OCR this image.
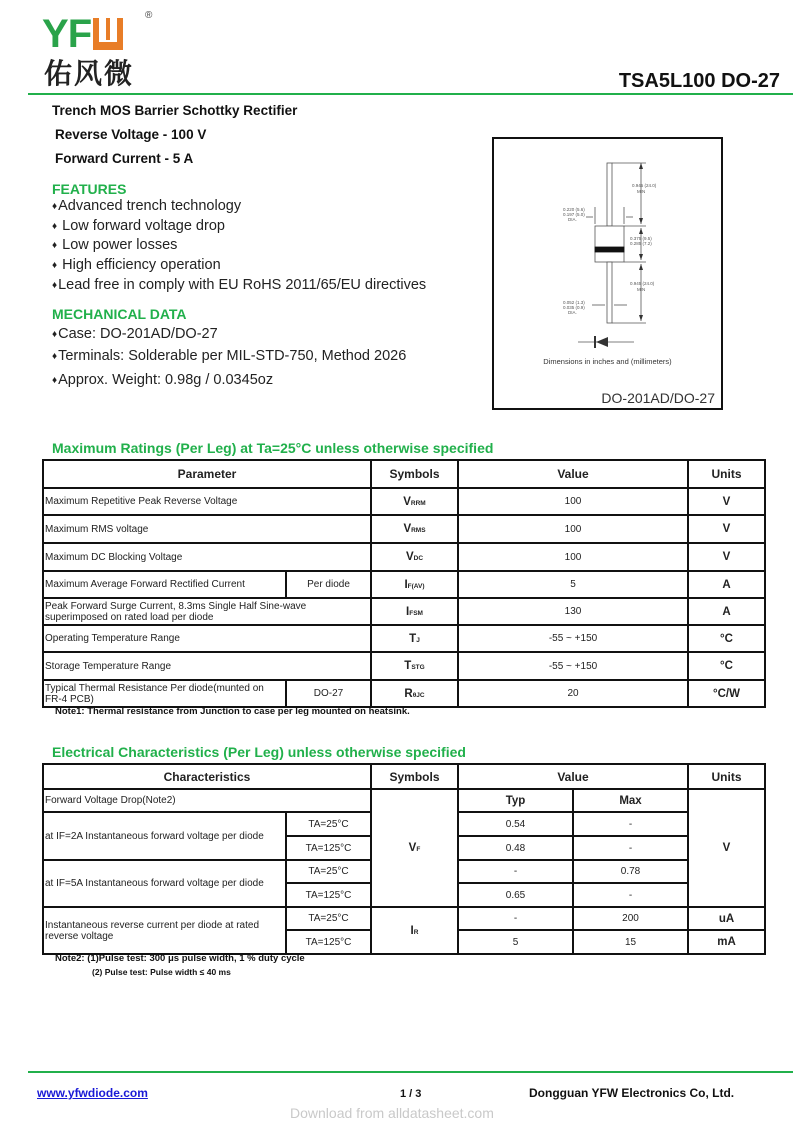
YF	®
佑风微	TSA5L100 DO-27
Trench MOS Barrier Schottky Rectifier
Reverse Voltage - 100 V
Forward Current - 5 A
FEATURES
♦Advanced trench technology
♦ Low forward voltage drop
♦ Low power losses
♦ High efficiency operation
♦Lead free in comply with EU RoHS 2011/65/EU directives
MECHANICAL DATA
♦Case: DO-201AD/DO-27
♦Terminals: Solderable per MIL-STD-750, Method 2026
♦Approx. Weight: 0.98g / 0.0345oz
0.945 (24.0)
MIN
0.220 (5.6)
0.197 (5.0)
DIA.
0.375 (9.5)
0.285 (7.2)
0.945 (24.0)
MIN
0.052 (1.3)
0.035 (0.9)
DIA.
Dimensions in inches and (millimeters)
DO-201AD/DO-27
Maximum Ratings (Per Leg) at Ta=25°C unless otherwise specified
Parameter		Symbols	Value	Units
Maximum Repetitive Peak Reverse Voltage		VRRM	100	V
Maximum RMS voltage		VRMS	100	V
Maximum DC Blocking Voltage		VDC	100	V
Maximum Average Forward Rectified Current	Per diode	IF(AV)	5	A
Peak Forward Surge Current, 8.3ms Single Half Sine-wave superimposed on rated load per diode		IFSM	130	A
Operating Temperature Range		TJ	-55 ~ +150	°C
Storage Temperature Range		TSTG	-55 ~ +150	°C
Typical Thermal Resistance Per diode(munted on FR-4 PCB)	DO-27	RθJC	20	°C/W
Note1: Thermal resistance from Junction to case per leg mounted on heatsink.
Electrical Characteristics (Per Leg) unless otherwise specified
Characteristics		Symbols	Value		Units
Forward Voltage Drop(Note2)		VF	Typ	Max	V
at IF=2A Instantaneous forward voltage per diode	TA=25°C		0.54	-	
	TA=125°C		0.48	-	
at IF=5A Instantaneous forward voltage per diode	TA=25°C		-	0.78	
	TA=125°C		0.65	-	
Instantaneous reverse current per diode at rated reverse voltage	TA=25°C	IR	-	200	uA
	TA=125°C		5	15	mA
Note2: (1)Pulse test: 300 μs pulse width, 1 % duty cycle
(2) Pulse test: Pulse width ≤ 40 ms
www.yfwdiode.com	1 / 3	Dongguan YFW Electronics Co, Ltd.
Download from alldatasheet.com
